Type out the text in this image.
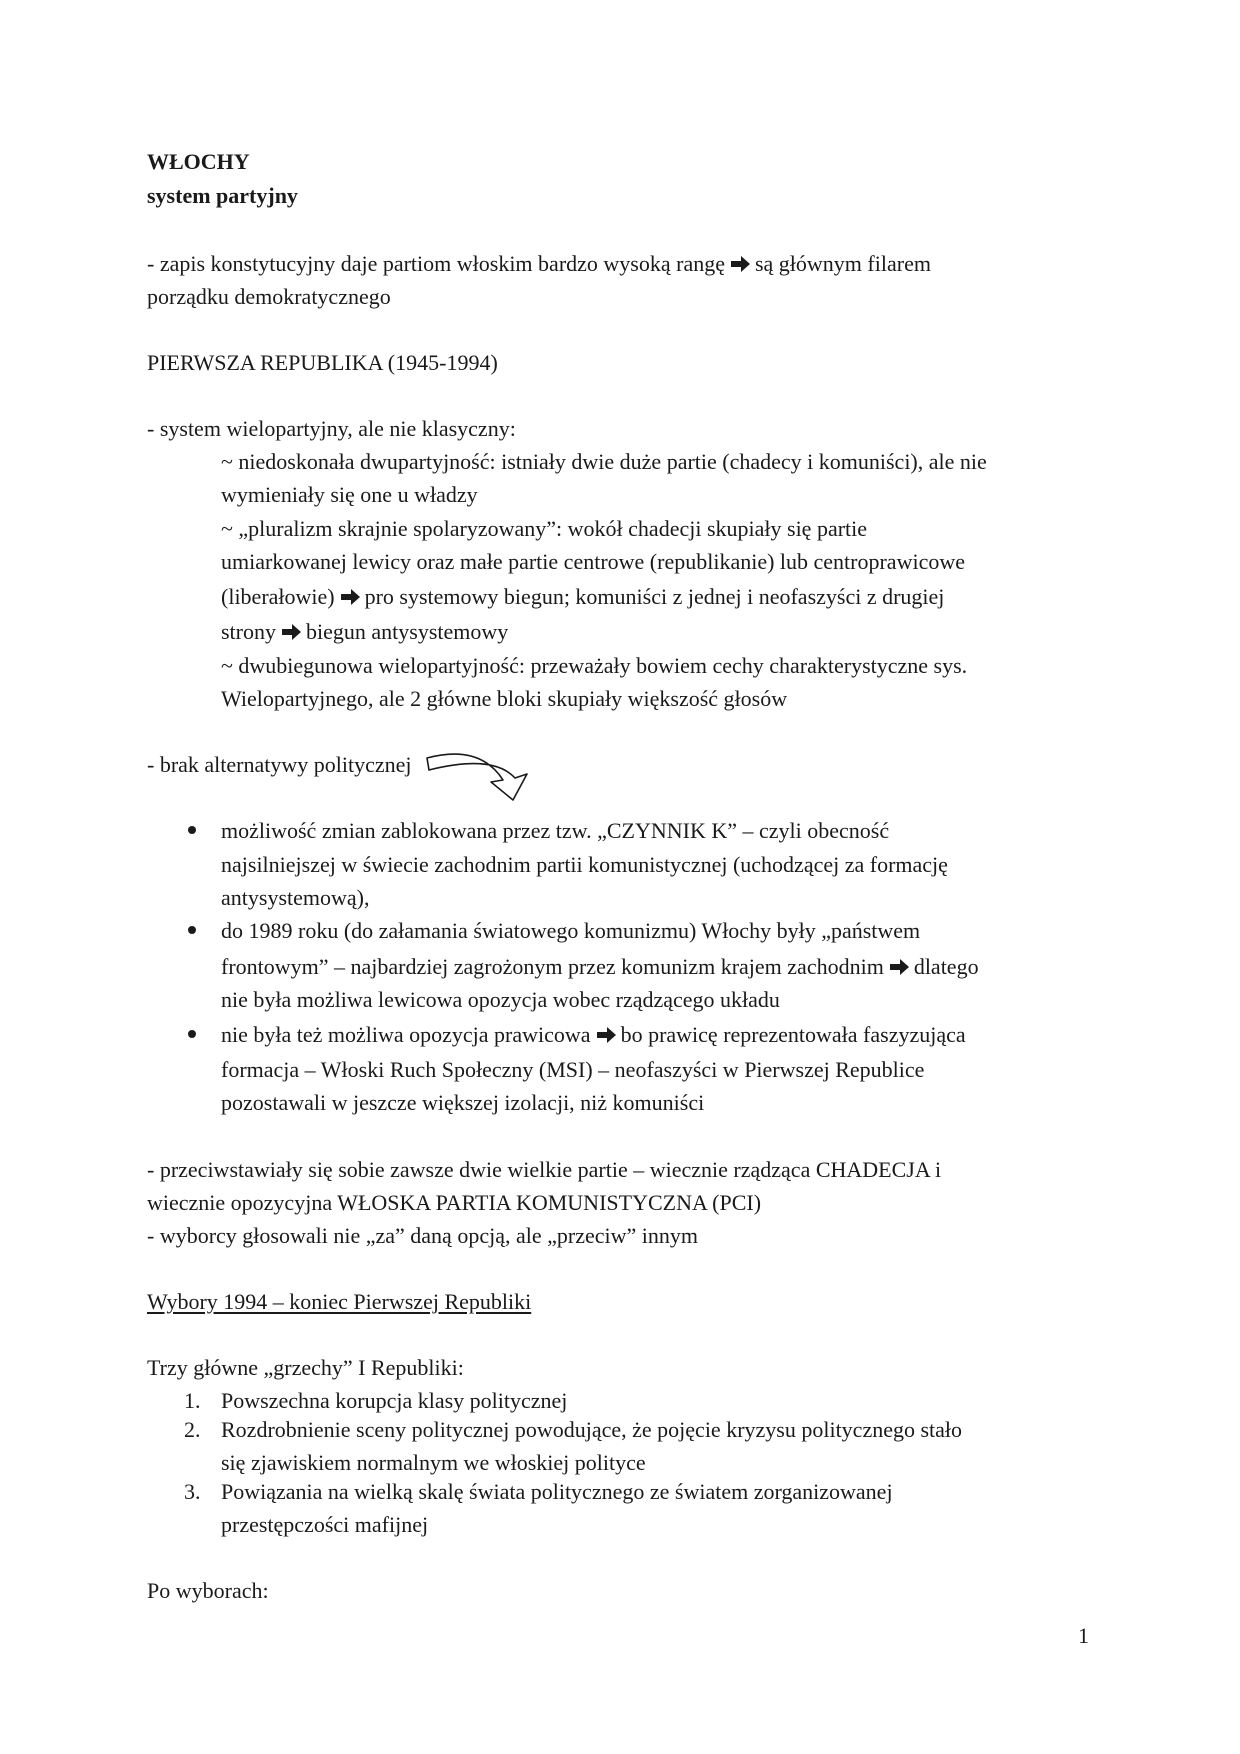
WŁOCHY
system partyjny
- zapis konstytucyjny daje partiom włoskim bardzo wysoką rangę są głównym filarem
porządku demokratycznego
PIERWSZA REPUBLIKA (1945-1994)
- system wielopartyjny, ale nie klasyczny:
~ niedoskonała dwupartyjność: istniały dwie duże partie (chadecy i komuniści), ale nie
wymieniały się one u władzy
~ „pluralizm skrajnie spolaryzowany”: wokół chadecji skupiały się partie
umiarkowanej lewicy oraz małe partie centrowe (republikanie) lub centroprawicowe
(liberałowie) pro systemowy biegun; komuniści z jednej i neofaszyści z drugiej
strony biegun antysystemowy
~ dwubiegunowa wielopartyjność: przeważały bowiem cechy charakterystyczne sys.
Wielopartyjnego, ale 2 główne bloki skupiały większość głosów
- brak alternatywy politycznej
możliwość zmian zablokowana przez tzw. „CZYNNIK K” – czyli obecność
najsilniejszej w świecie zachodnim partii komunistycznej (uchodzącej za formację
antysystemową),
do 1989 roku (do załamania światowego komunizmu) Włochy były „państwem
frontowym” – najbardziej zagrożonym przez komunizm krajem zachodnim dlatego
nie była możliwa lewicowa opozycja wobec rządzącego układu
nie była też możliwa opozycja prawicowa bo prawicę reprezentowała faszyzująca
formacja – Włoski Ruch Społeczny (MSI) – neofaszyści w Pierwszej Republice
pozostawali w jeszcze większej izolacji, niż komuniści
- przeciwstawiały się sobie zawsze dwie wielkie partie – wiecznie rządząca CHADECJA i
wiecznie opozycyjna WŁOSKA PARTIA KOMUNISTYCZNA (PCI)
- wyborcy głosowali nie „za” daną opcją, ale „przeciw” innym
Wybory 1994 – koniec Pierwszej Republiki
Trzy główne „grzechy” I Republiki:
1. Powszechna korupcja klasy politycznej
2. Rozdrobnienie sceny politycznej powodujące, że pojęcie kryzysu politycznego stało
się zjawiskiem normalnym we włoskiej polityce
3. Powiązania na wielką skalę świata politycznego ze światem zorganizowanej
przestępczości mafijnej
Po wyborach:
1
